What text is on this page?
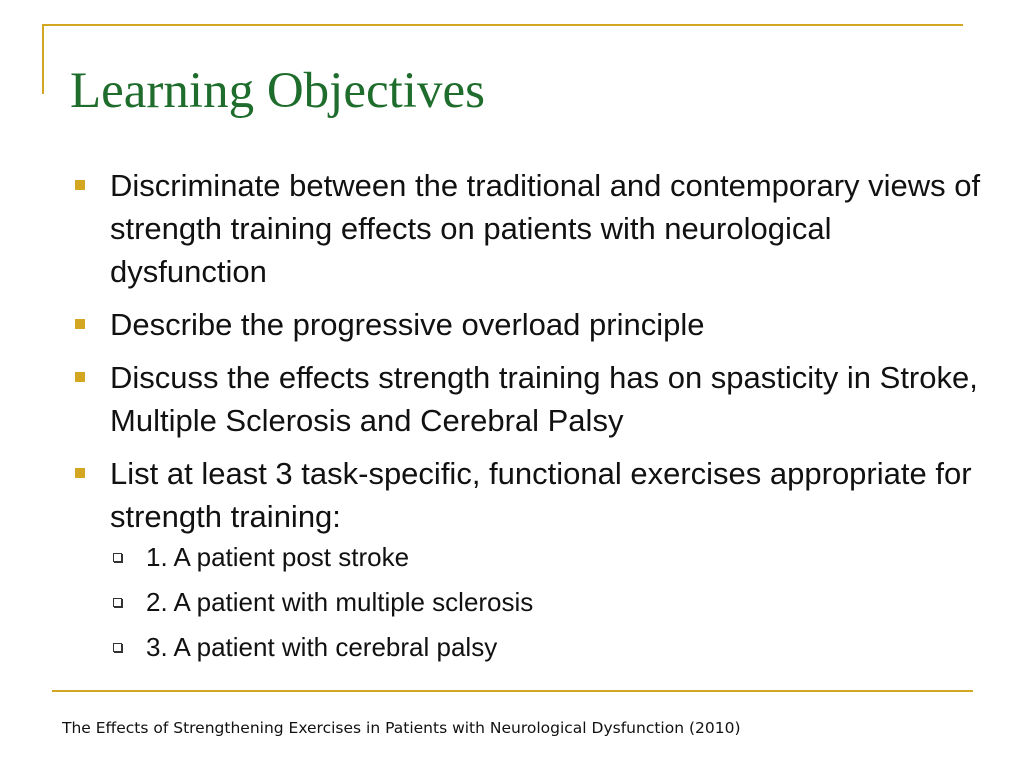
Learning Objectives
Discriminate between the traditional and contemporary views of strength training effects on patients with neurological dysfunction
Describe the progressive overload principle
Discuss the effects strength training has on spasticity in Stroke, Multiple Sclerosis and Cerebral Palsy
List at least 3 task-specific, functional exercises appropriate for strength training:
1. A patient post stroke
2. A patient with multiple sclerosis
3. A patient with cerebral palsy
The Effects of Strengthening Exercises in Patients with Neurological Dysfunction (2010)
